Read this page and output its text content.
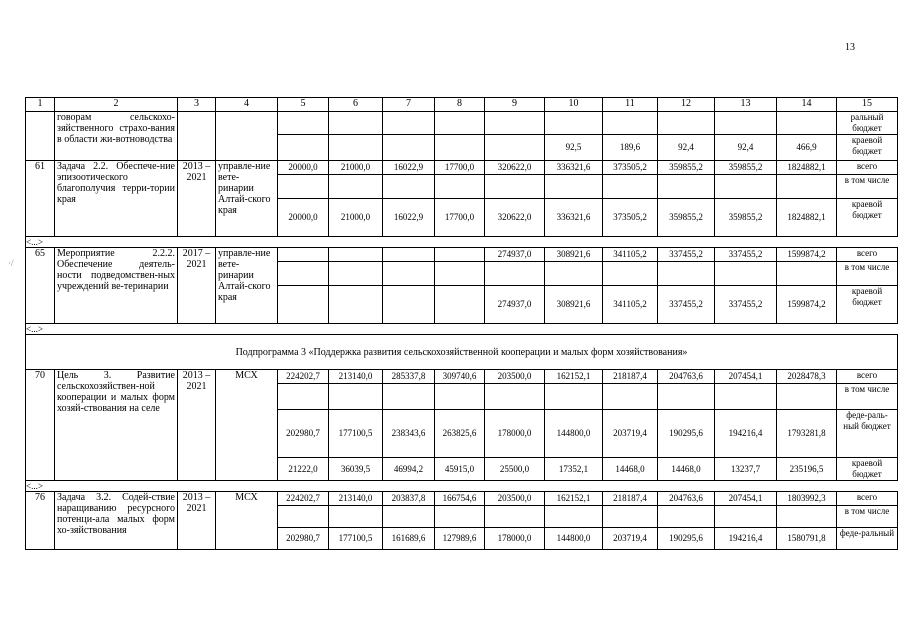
13
·/
1	2	3	4	5	6	7	8	9	10	11	12	13	14	15
	говорам сельскохо-зяйственного страхо-вания в области жи-вотноводства													ральный бюджет
									92,5	189,6	92,4	92,4	466,9	краевой бюджет
61	Задача 2.2. Обеспече-ние эпизоотического благополучия терри-тории края	2013 – 2021	управле-ние вете-ринарии Алтай-ского края	20000,0	21000,0	16022,9	17700,0	320622,0	336321,6	373505,2	359855,2	359855,2	1824882,1	всего
														в том числе
				20000,0	21000,0	16022,9	17700,0	320622,0	336321,6	373505,2	359855,2	359855,2	1824882,1	краевой бюджет
<...>														
65	Мероприятие 2.2.2. Обеспечение деятель-ности подведомствен-ных учреждений ве-теринарии	2017 – 2021	управле-ние вете-ринарии Алтай-ского края					274937,0	308921,6	341105,2	337455,2	337455,2	1599874,2	всего
														в том числе
								274937,0	308921,6	341105,2	337455,2	337455,2	1599874,2	краевой бюджет
<...>														
Подпрограмма 3 «Поддержка развития сельскохозяйственной кооперации и малых форм хозяйствования»														
70	Цель 3. Развитие сельскохозяйствен-ной кооперации и малых форм хозяй-ствования на селе	2013 – 2021	МСХ	224202,7	213140,0	285337,8	309740,6	203500,0	162152,1	218187,4	204763,6	207454,1	2028478,3	всего
														в том числе
				202980,7	177100,5	238343,6	263825,6	178000,0	144800,0	203719,4	190295,6	194216,4	1793281,8	феде-раль-ный бюджет
				21222,0	36039,5	46994,2	45915,0	25500,0	17352,1	14468,0	14468,0	13237,7	235196,5	краевой бюджет
<...>														
76	Задача 3.2. Содей-ствие наращиванию ресурсного потенци-ала малых форм хо-зяйствования	2013 – 2021	МСХ	224202,7	213140,0	203837,8	166754,6	203500,0	162152,1	218187,4	204763,6	207454,1	1803992,3	всего
														в том числе
				202980,7	177100,5	161689,6	127989,6	178000,0	144800,0	203719,4	190295,6	194216,4	1580791,8	феде-ральный
